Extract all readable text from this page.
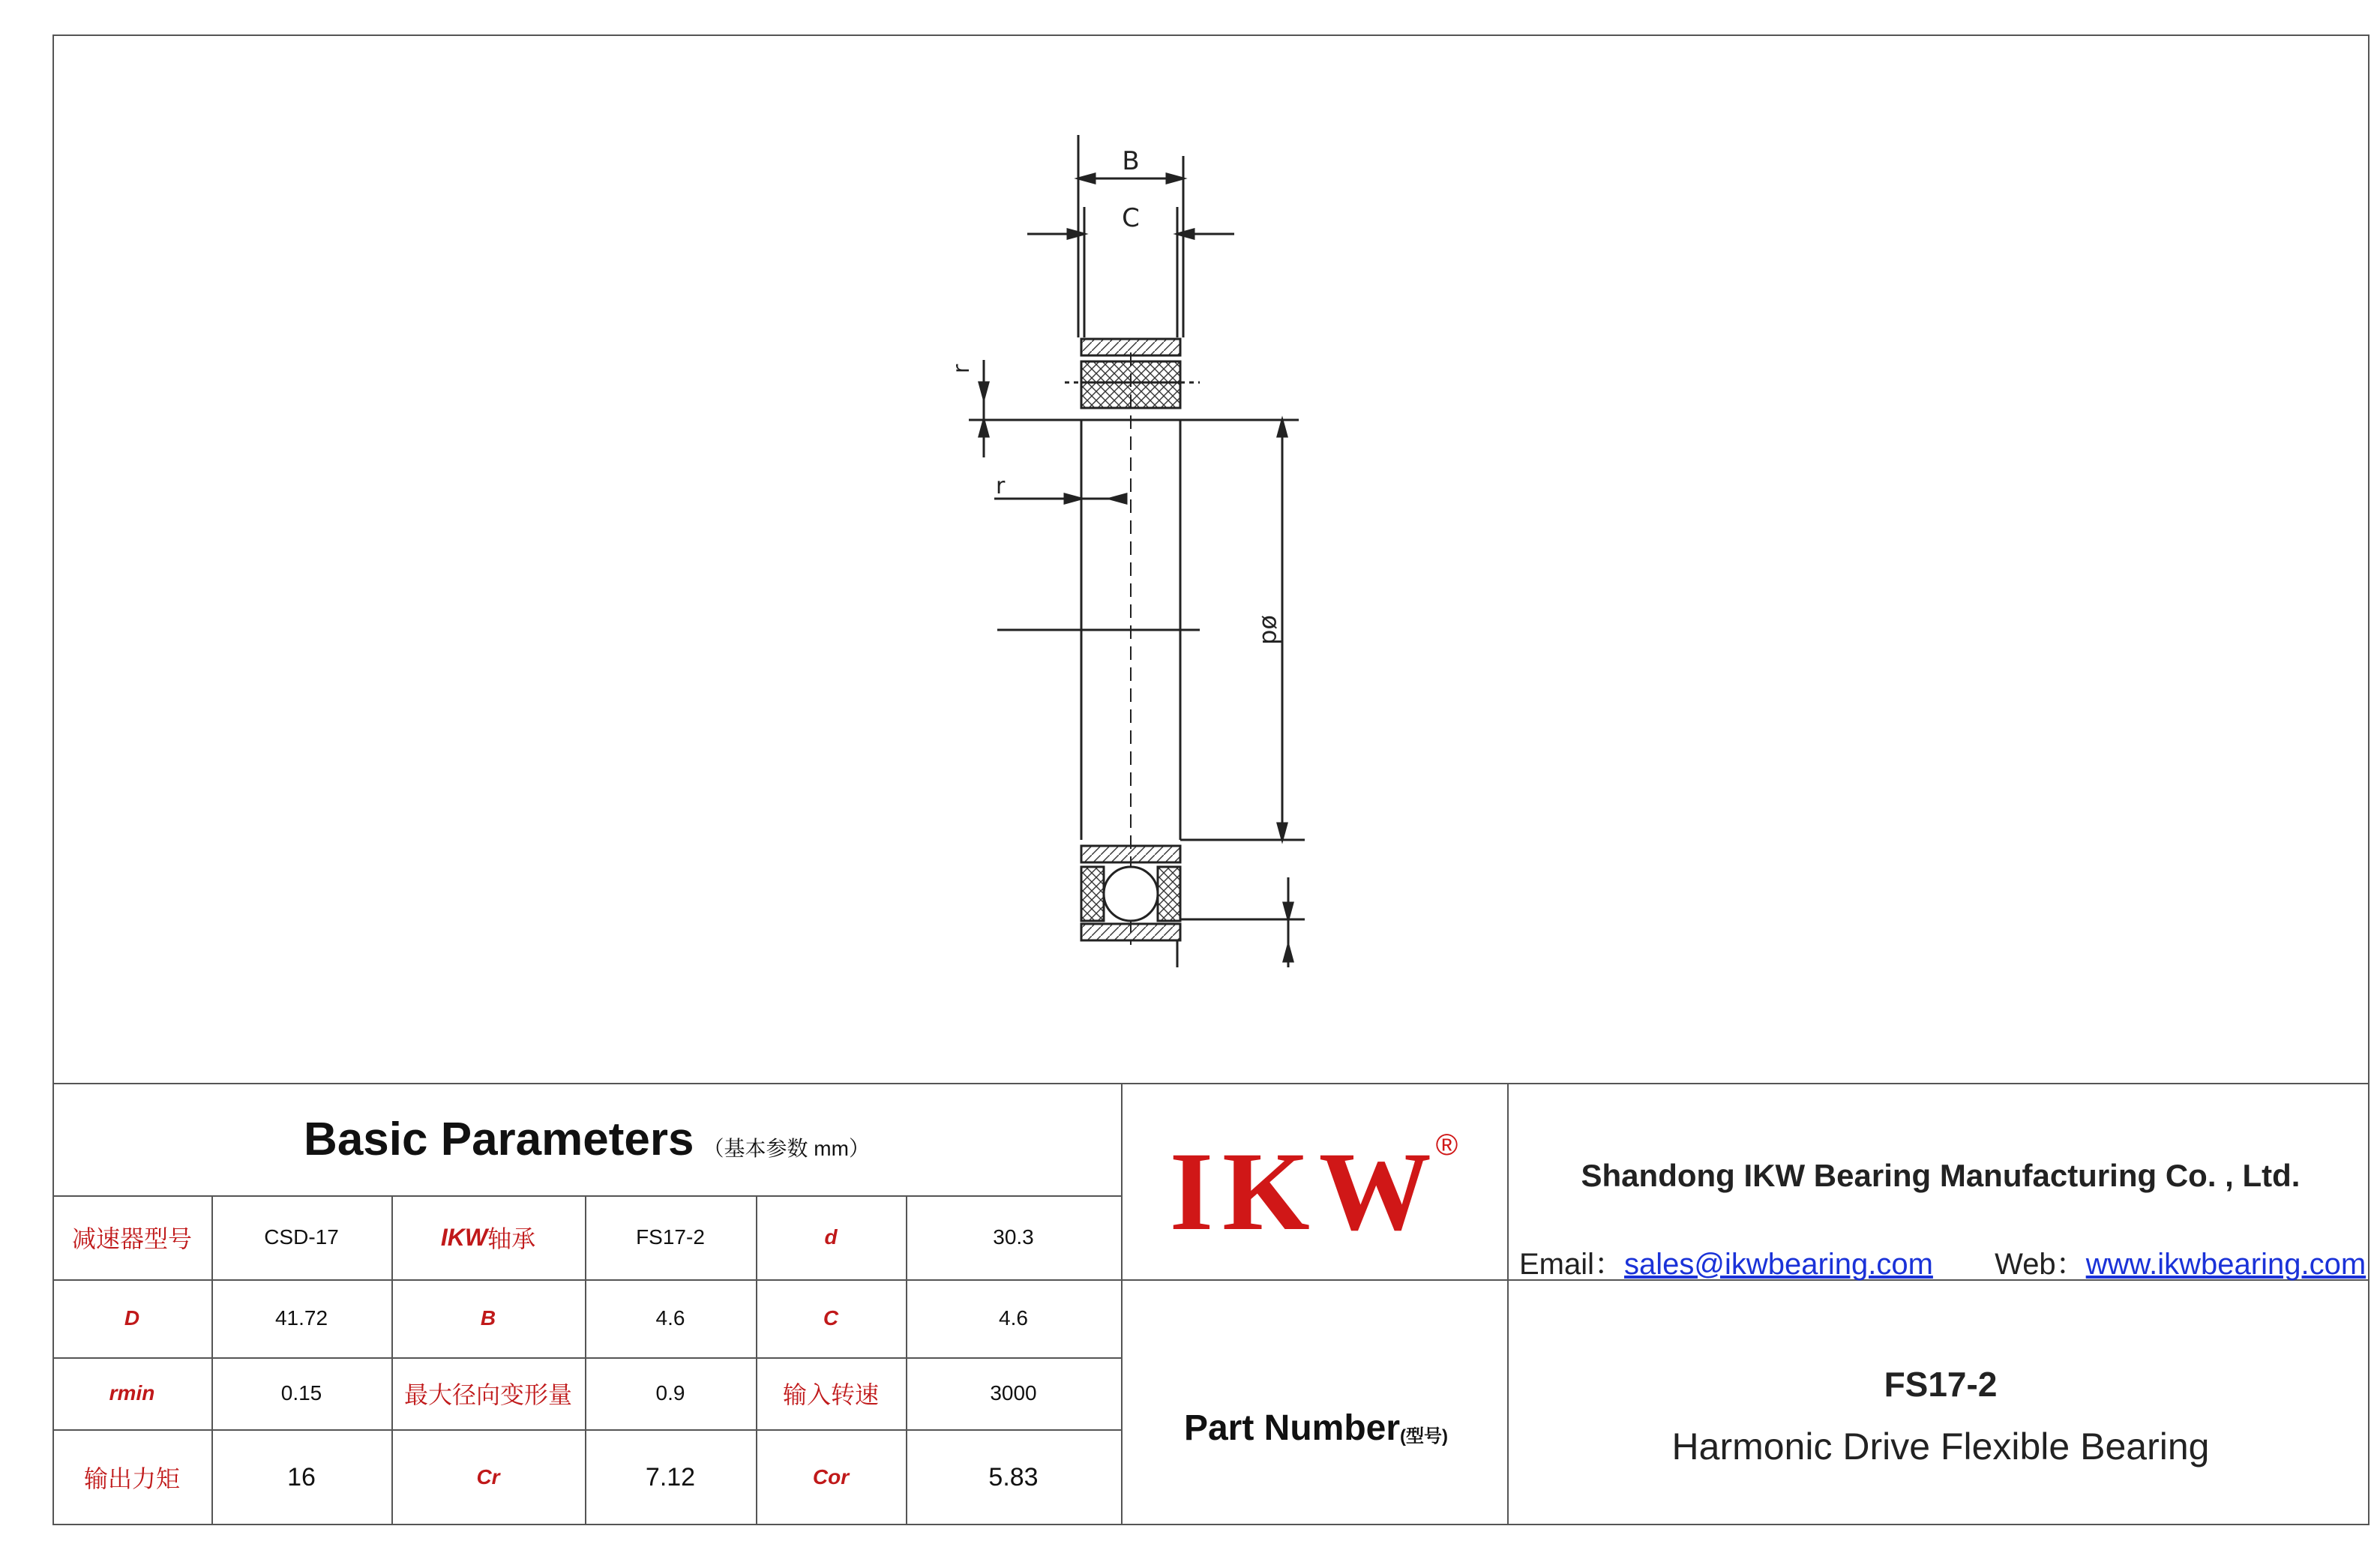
B
C
r
r
ød
Basic Parameters （基本参数 mm）
减速器型号	CSD-17	IKW 轴承	FS17-2	d	30.3
D	41.72	B	4.6	C	4.6
rmin	0.15	最大径向变形量	0.9	输入转速	3000
输出力矩	16	Cr	7.12	Cor	5.83
IKW
®
Shandong IKW Bearing Manufacturing Co. , Ltd.
Email：sales@ikwbearing.com Web：www.ikwbearing.com
Part Number (型号)
FS17-2
Harmonic Drive Flexible Bearing
